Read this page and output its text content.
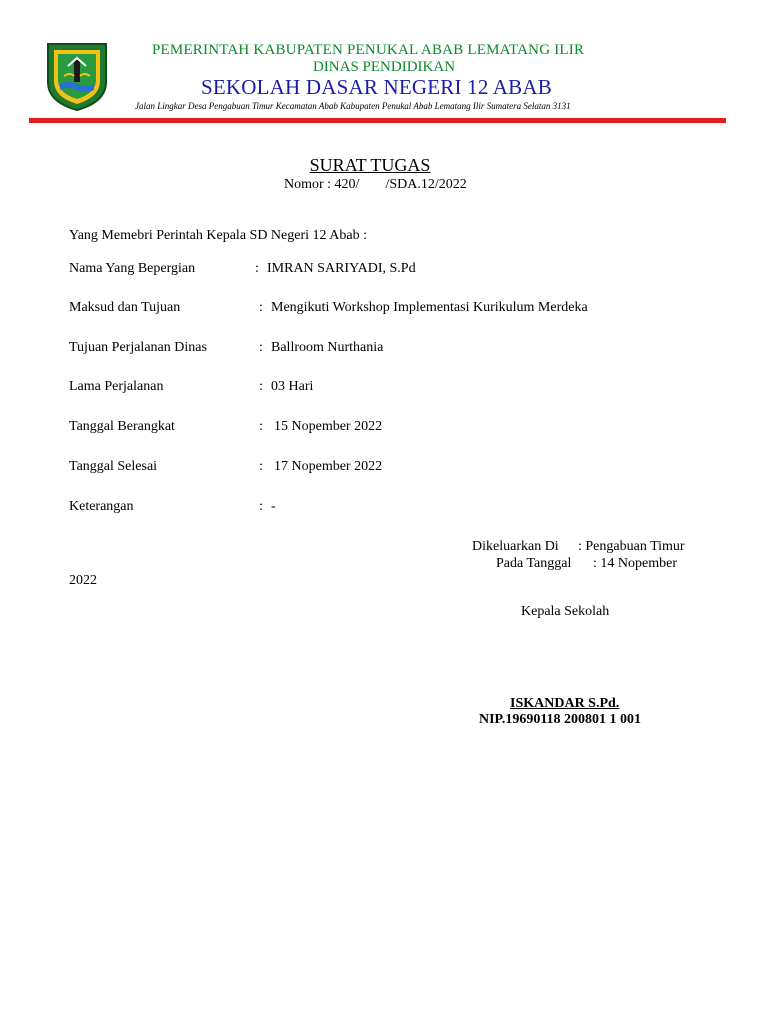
PEMERINTAH KABUPATEN PENUKAL ABAB LEMATANG ILIR
DINAS PENDIDIKAN
SEKOLAH DASAR NEGERI 12 ABAB
Jalan Lingkar Desa Pengabuan Timur Kecamatan Abab Kabupaten Penukal Abab Lematang Ilir Sumatera Selatan 3131
SURAT TUGAS
Nomor : 420/ /SDA.12/2022
Yang Memebri Perintah Kepala SD Negeri 12 Abab :
Nama Yang Bepergian	: IMRAN SARIYADI, S.Pd
Maksud dan Tujuan	: Mengikuti Workshop Implementasi Kurikulum Merdeka
Tujuan Perjalanan Dinas	: Ballroom Nurthania
Lama Perjalanan	: 03 Hari
Tanggal Berangkat	: 15 Nopember 2022
Tanggal Selesai	: 17 Nopember 2022
Keterangan	: -
Dikeluarkan Di : Pengabuan Timur
Pada Tanggal : 14 Nopember
2022
Kepala Sekolah
ISKANDAR S.Pd.
NIP.19690118 200801 1 001
